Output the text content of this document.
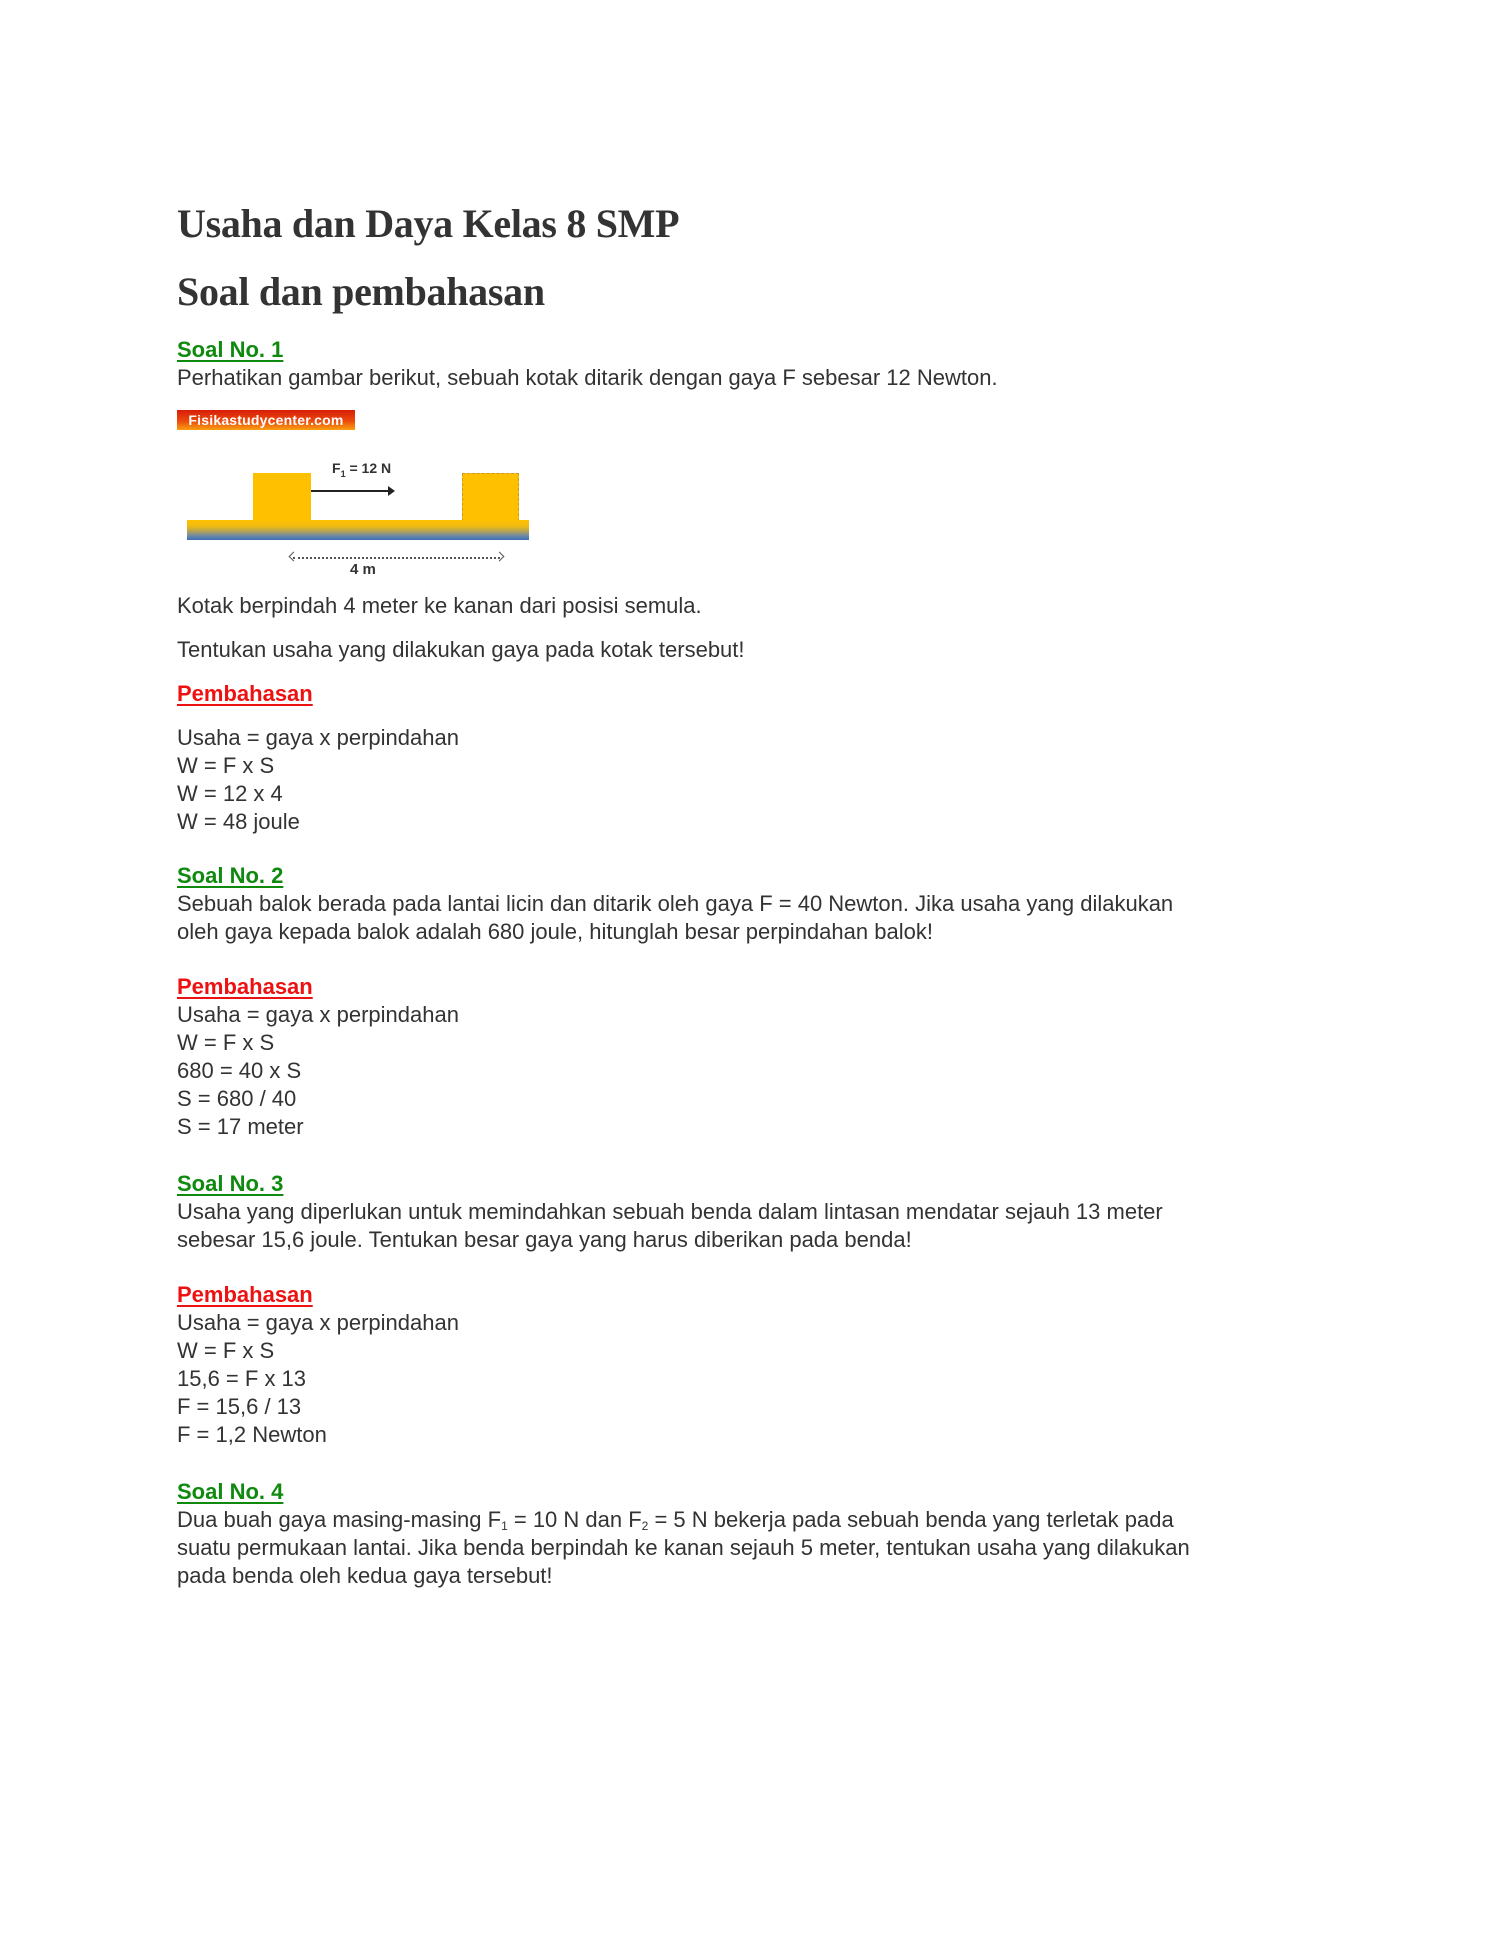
Usaha dan Daya Kelas 8 SMP
Soal dan pembahasan
Soal No. 1
Perhatikan gambar berikut, sebuah kotak ditarik dengan gaya F sebesar 12 Newton.
Fisikastudycenter.com
$F_1 = 12$ N
4 m
Kotak berpindah 4 meter ke kanan dari posisi semula.
Tentukan usaha yang dilakukan gaya pada kotak tersebut!
Pembahasan
Usaha = gaya x perpindahan
W = F x S
W = 12 x 4
W = 48 joule
Soal No. 2
Sebuah balok berada pada lantai licin dan ditarik oleh gaya F = 40 Newton. Jika usaha yang dilakukan
oleh gaya kepada balok adalah 680 joule, hitunglah besar perpindahan balok!
Pembahasan
Usaha = gaya x perpindahan
W = F x S
680 = 40 x S
S = 680 / 40
S = 17 meter
Soal No. 3
Usaha yang diperlukan untuk memindahkan sebuah benda dalam lintasan mendatar sejauh 13 meter
sebesar 15,6 joule. Tentukan besar gaya yang harus diberikan pada benda!
Pembahasan
Usaha = gaya x perpindahan
W = F x S
15,6 = F x 13
F = 15,6 / 13
F = 1,2 Newton
Soal No. 4
Dua buah gaya masing-masing $F_1 = 10$ N dan $F_2 = 5$ N bekerja pada sebuah benda yang terletak pada
suatu permukaan lantai. Jika benda berpindah ke kanan sejauh 5 meter, tentukan usaha yang dilakukan
pada benda oleh kedua gaya tersebut!
